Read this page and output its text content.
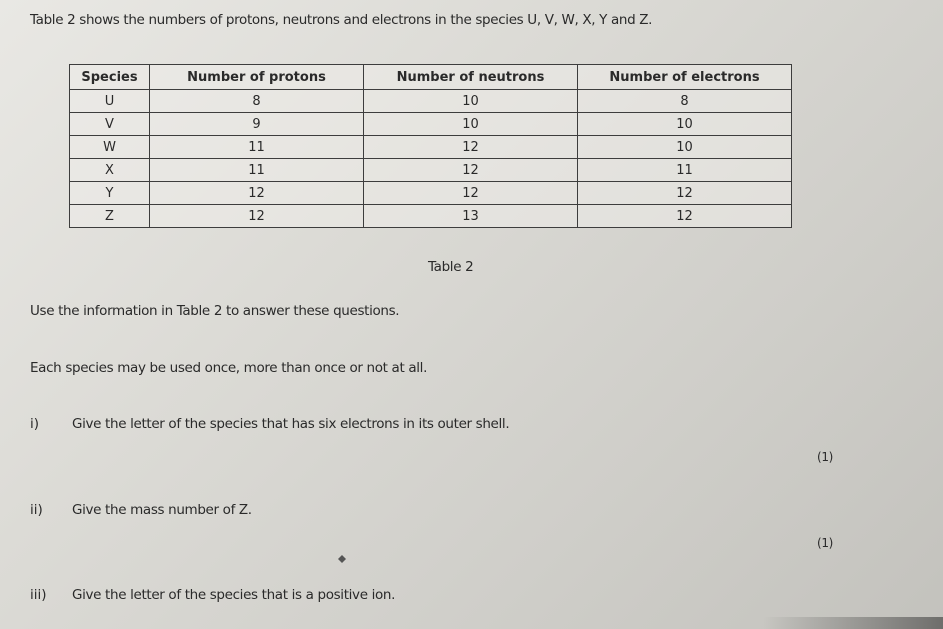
Table 2 shows the numbers of protons, neutrons and electrons in the species U, V, W, X, Y and Z.
Species	Number of protons	Number of neutrons	Number of electrons
U	8	10	8
V	9	10	10
W	11	12	10
X	11	12	11
Y	12	12	12
Z	12	13	12
Table 2
Use the information in Table 2 to answer these questions.
Each species may be used once, more than once or not at all.
i) Give the letter of the species that has six electrons in its outer shell.
(1)
ii) Give the mass number of Z.
(1)
iii) Give the letter of the species that is a positive ion.
